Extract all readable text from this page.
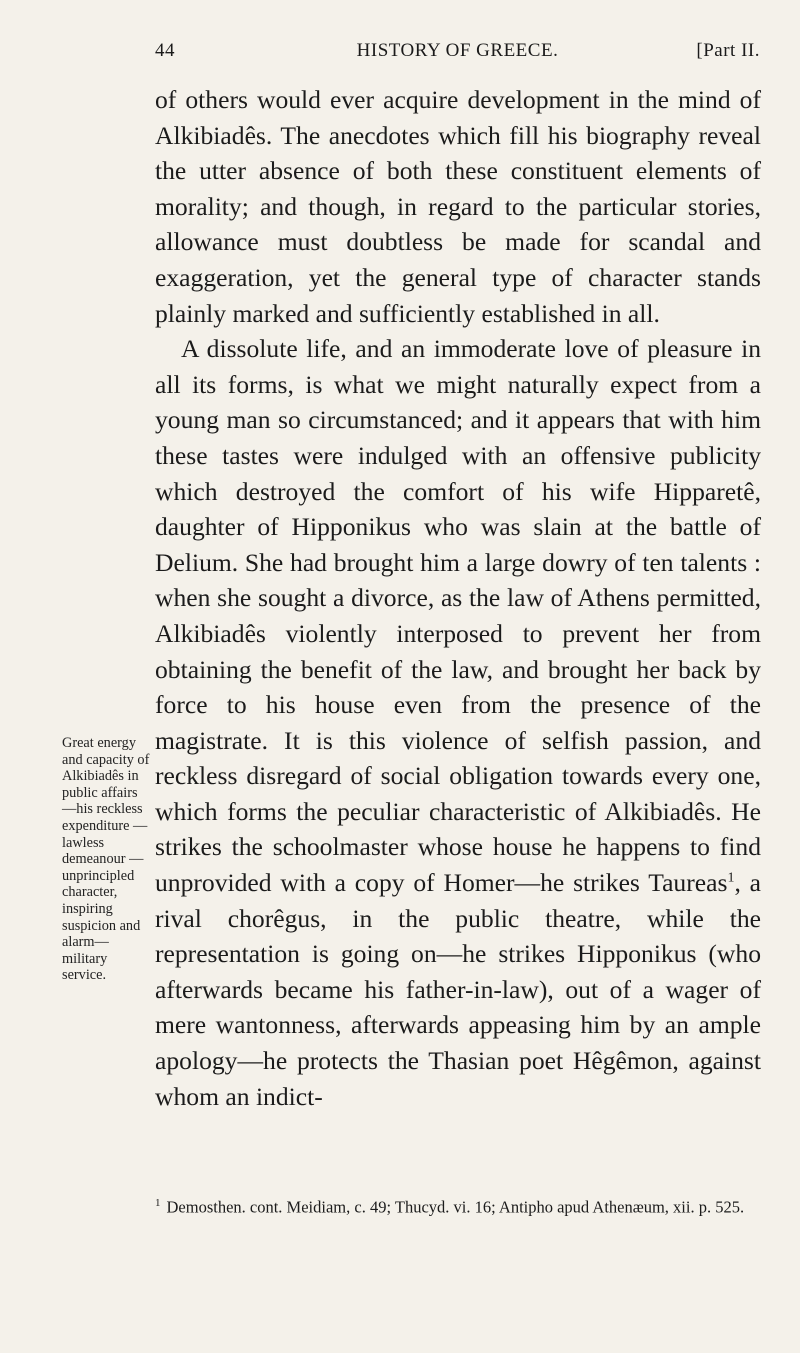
44	HISTORY OF GREECE.	[Part II.
Great energy and capacity of Alkibiadês in public affairs—his reckless expenditure —lawless demeanour —unprincipled character, inspiring suspicion and alarm— military service.

of others would ever acquire development in the mind of Alkibiadês. The anecdotes which fill his biography reveal the utter absence of both these constituent elements of morality; and though, in regard to the particular stories, allowance must doubtless be made for scandal and exaggeration, yet the general type of character stands plainly marked and sufficiently established in all.

A dissolute life, and an immoderate love of pleasure in all its forms, is what we might naturally expect from a young man so circumstanced; and it appears that with him these tastes were indulged with an offensive publicity which destroyed the comfort of his wife Hipparetê, daughter of Hipponikus who was slain at the battle of Delium. She had brought him a large dowry of ten talents : when she sought a divorce, as the law of Athens permitted, Alkibiadês violently interposed to prevent her from obtaining the benefit of the law, and brought her back by force to his house even from the presence of the magistrate. It is this violence of selfish passion, and reckless disregard of social obligation towards every one, which forms the peculiar characteristic of Alkibiadês. He strikes the schoolmaster whose house he happens to find unprovided with a copy of Homer—he strikes Taureas$^1$, a rival chorêgus, in the public theatre, while the representation is going on—he strikes Hipponikus (who afterwards became his father-in-law), out of a wager of mere wantonness, afterwards appeasing him by an ample apology—he protects the Thasian poet Hêgêmon, against whom an indict-

$^1$ Demosthen. cont. Meidiam, c. 49; Thucyd. vi. 16; Antipho apud Athenæum, xii. p. 525.
